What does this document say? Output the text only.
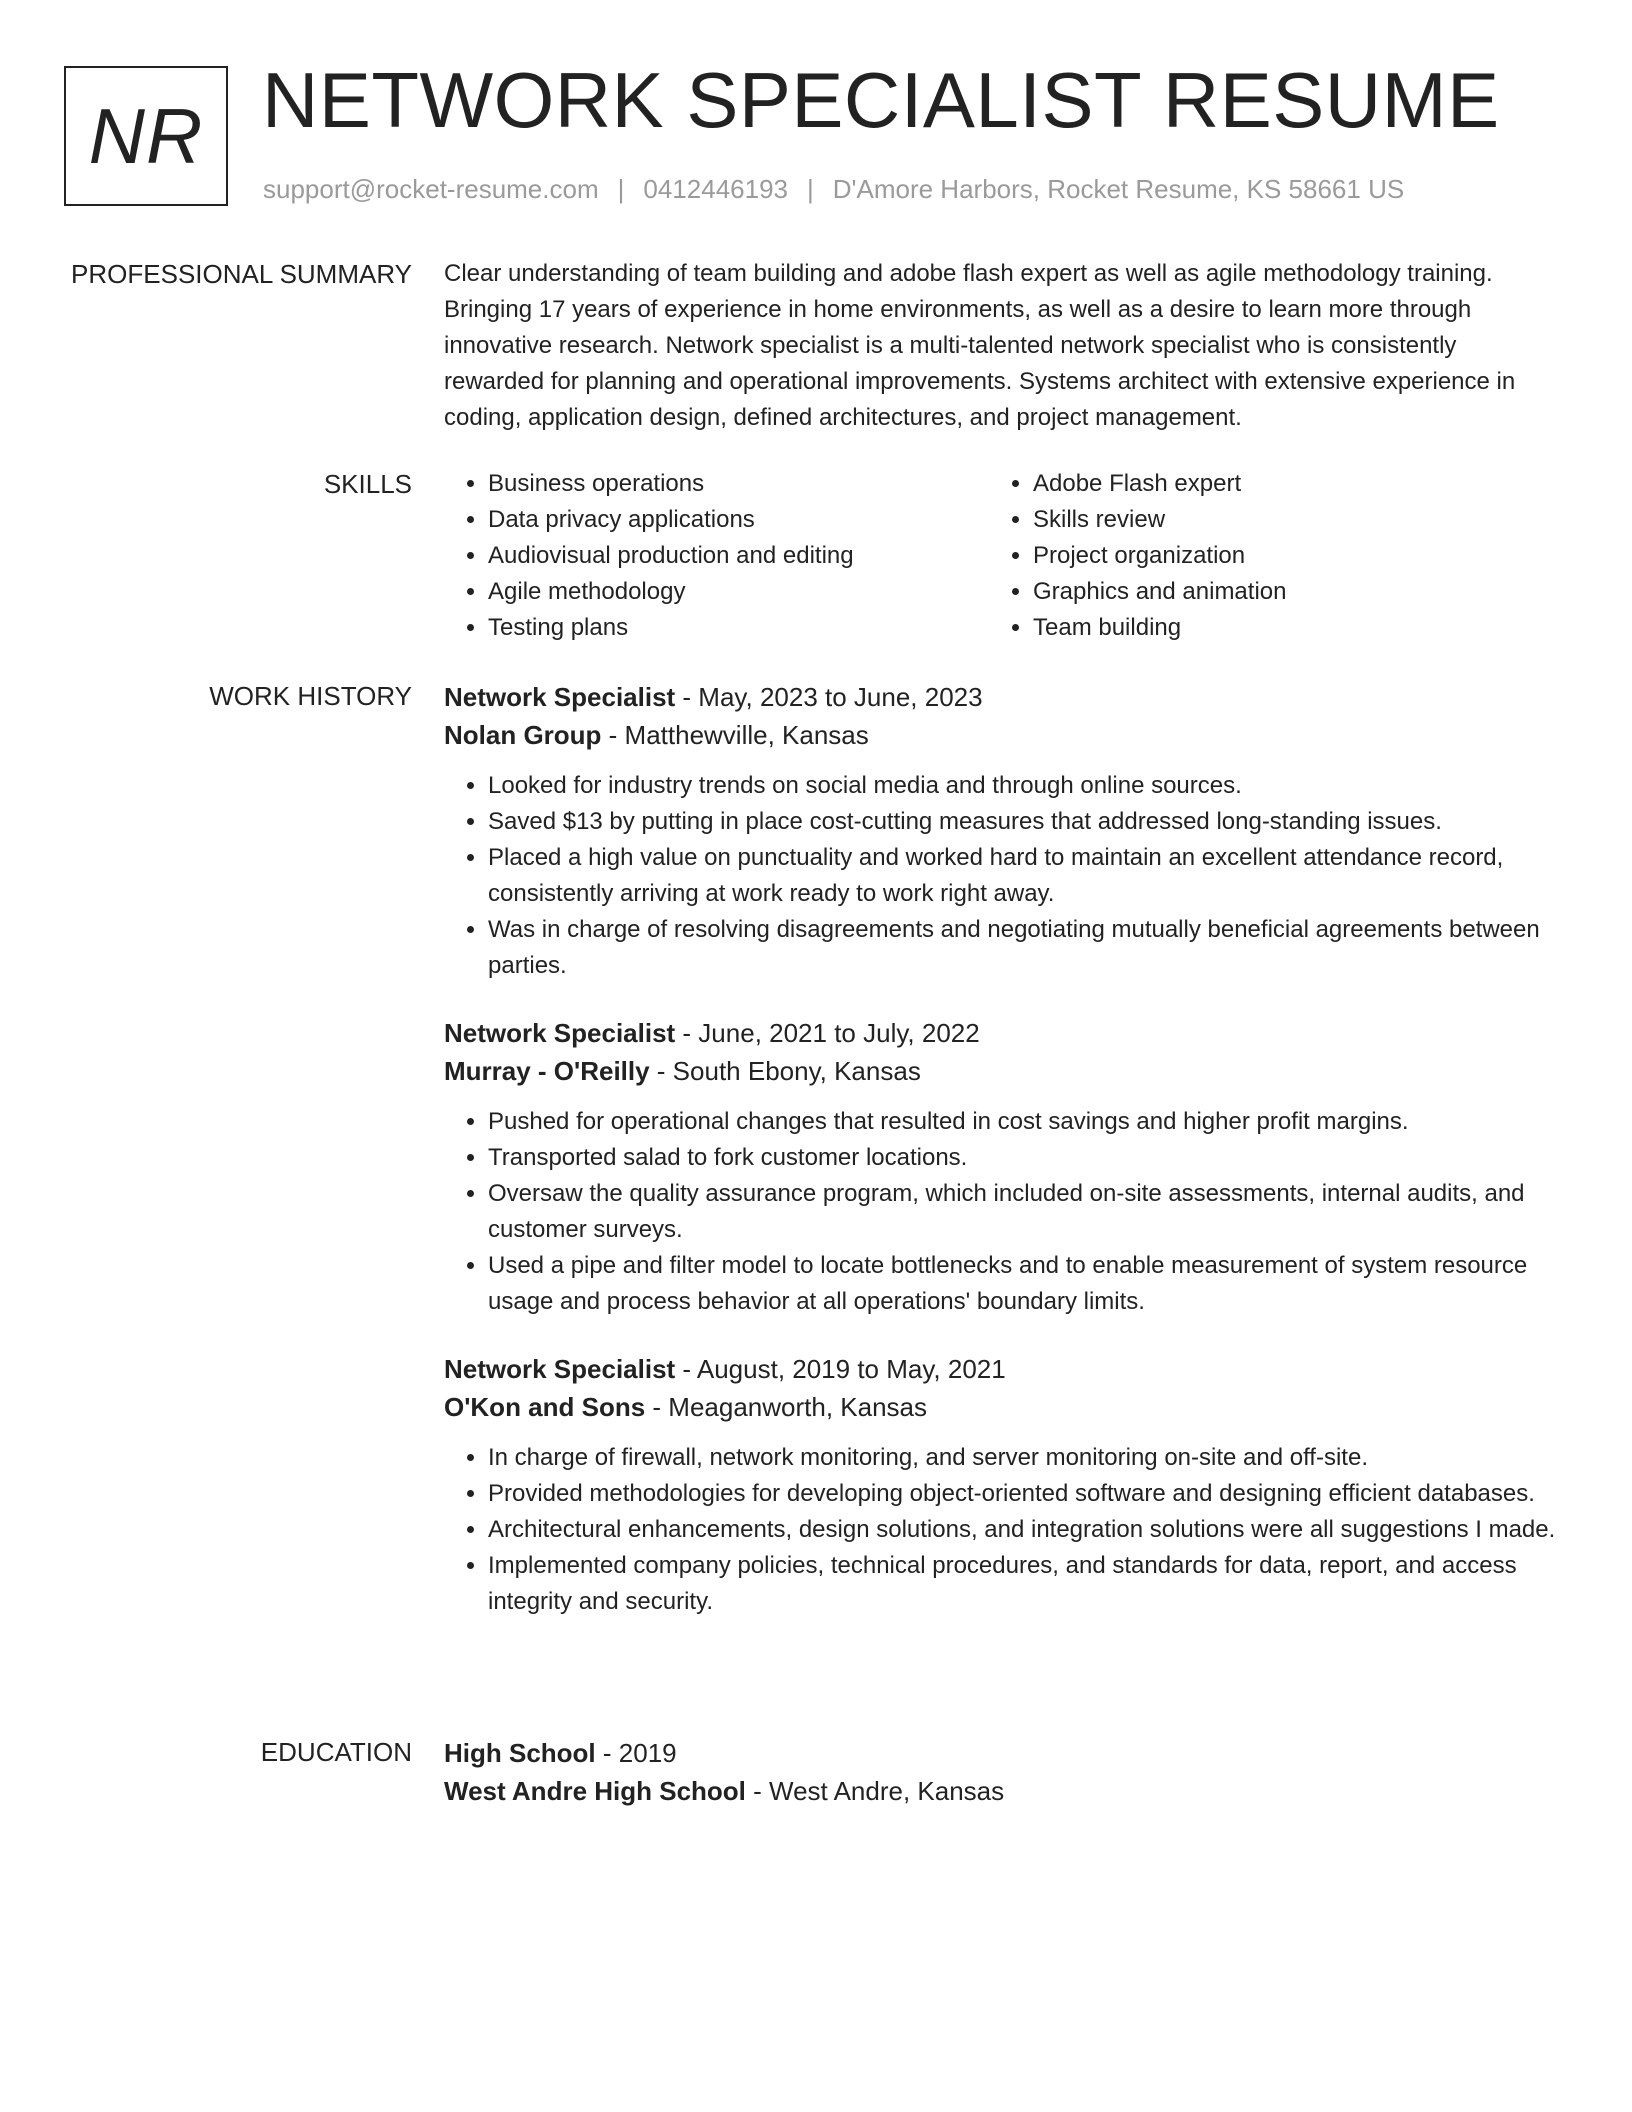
NR NETWORK SPECIALIST RESUME
support@rocket-resume.com | 0412446193 | D'Amore Harbors, Rocket Resume, KS 58661 US
PROFESSIONAL SUMMARY Clear understanding of team building and adobe flash expert as well as agile methodology training. Bringing 17 years of experience in home environments, as well as a desire to learn more through innovative research. Network specialist is a multi-talented network specialist who is consistently rewarded for planning and operational improvements. Systems architect with extensive experience in coding, application design, defined architectures, and project management.

SKILLS
•	Business operations
• Data privacy applications
• Audiovisual production and editing
• Agile methodology
• Testing plans
• Adobe Flash expert
• Skills review
• Project organization
• Graphics and animation
• Team building
WORK HISTORY Network Specialist - May, 2023 to June, 2023
Nolan Group - Matthewville, Kansas
• Looked for industry trends on social media and through online sources.
• Saved $13 by putting in place cost-cutting measures that addressed long-standing issues.
• Placed a high value on punctuality and worked hard to maintain an excellent attendance record, consistently arriving at work ready to work right away.
• Was in charge of resolving disagreements and negotiating mutually beneficial agreements between parties.
Network Specialist - June, 2021 to July, 2022
Murray - O'Reilly - South Ebony, Kansas
• Pushed for operational changes that resulted in cost savings and higher profit margins.
• Transported salad to fork customer locations.
• Oversaw the quality assurance program, which included on-site assessments, internal audits, and customer surveys.
• Used a pipe and filter model to locate bottlenecks and to enable measurement of system resource usage and process behavior at all operations' boundary limits.
Network Specialist - August, 2019 to May, 2021
O'Kon and Sons - Meaganworth, Kansas
• In charge of firewall, network monitoring, and server monitoring on-site and off-site.
• Provided methodologies for developing object-oriented software and designing efficient databases.
• Architectural enhancements, design solutions, and integration solutions were all suggestions I made.
• Implemented company policies, technical procedures, and standards for data, report, and access integrity and security.
EDUCATION High School - 2019
West Andre High School - West Andre, Kansas
